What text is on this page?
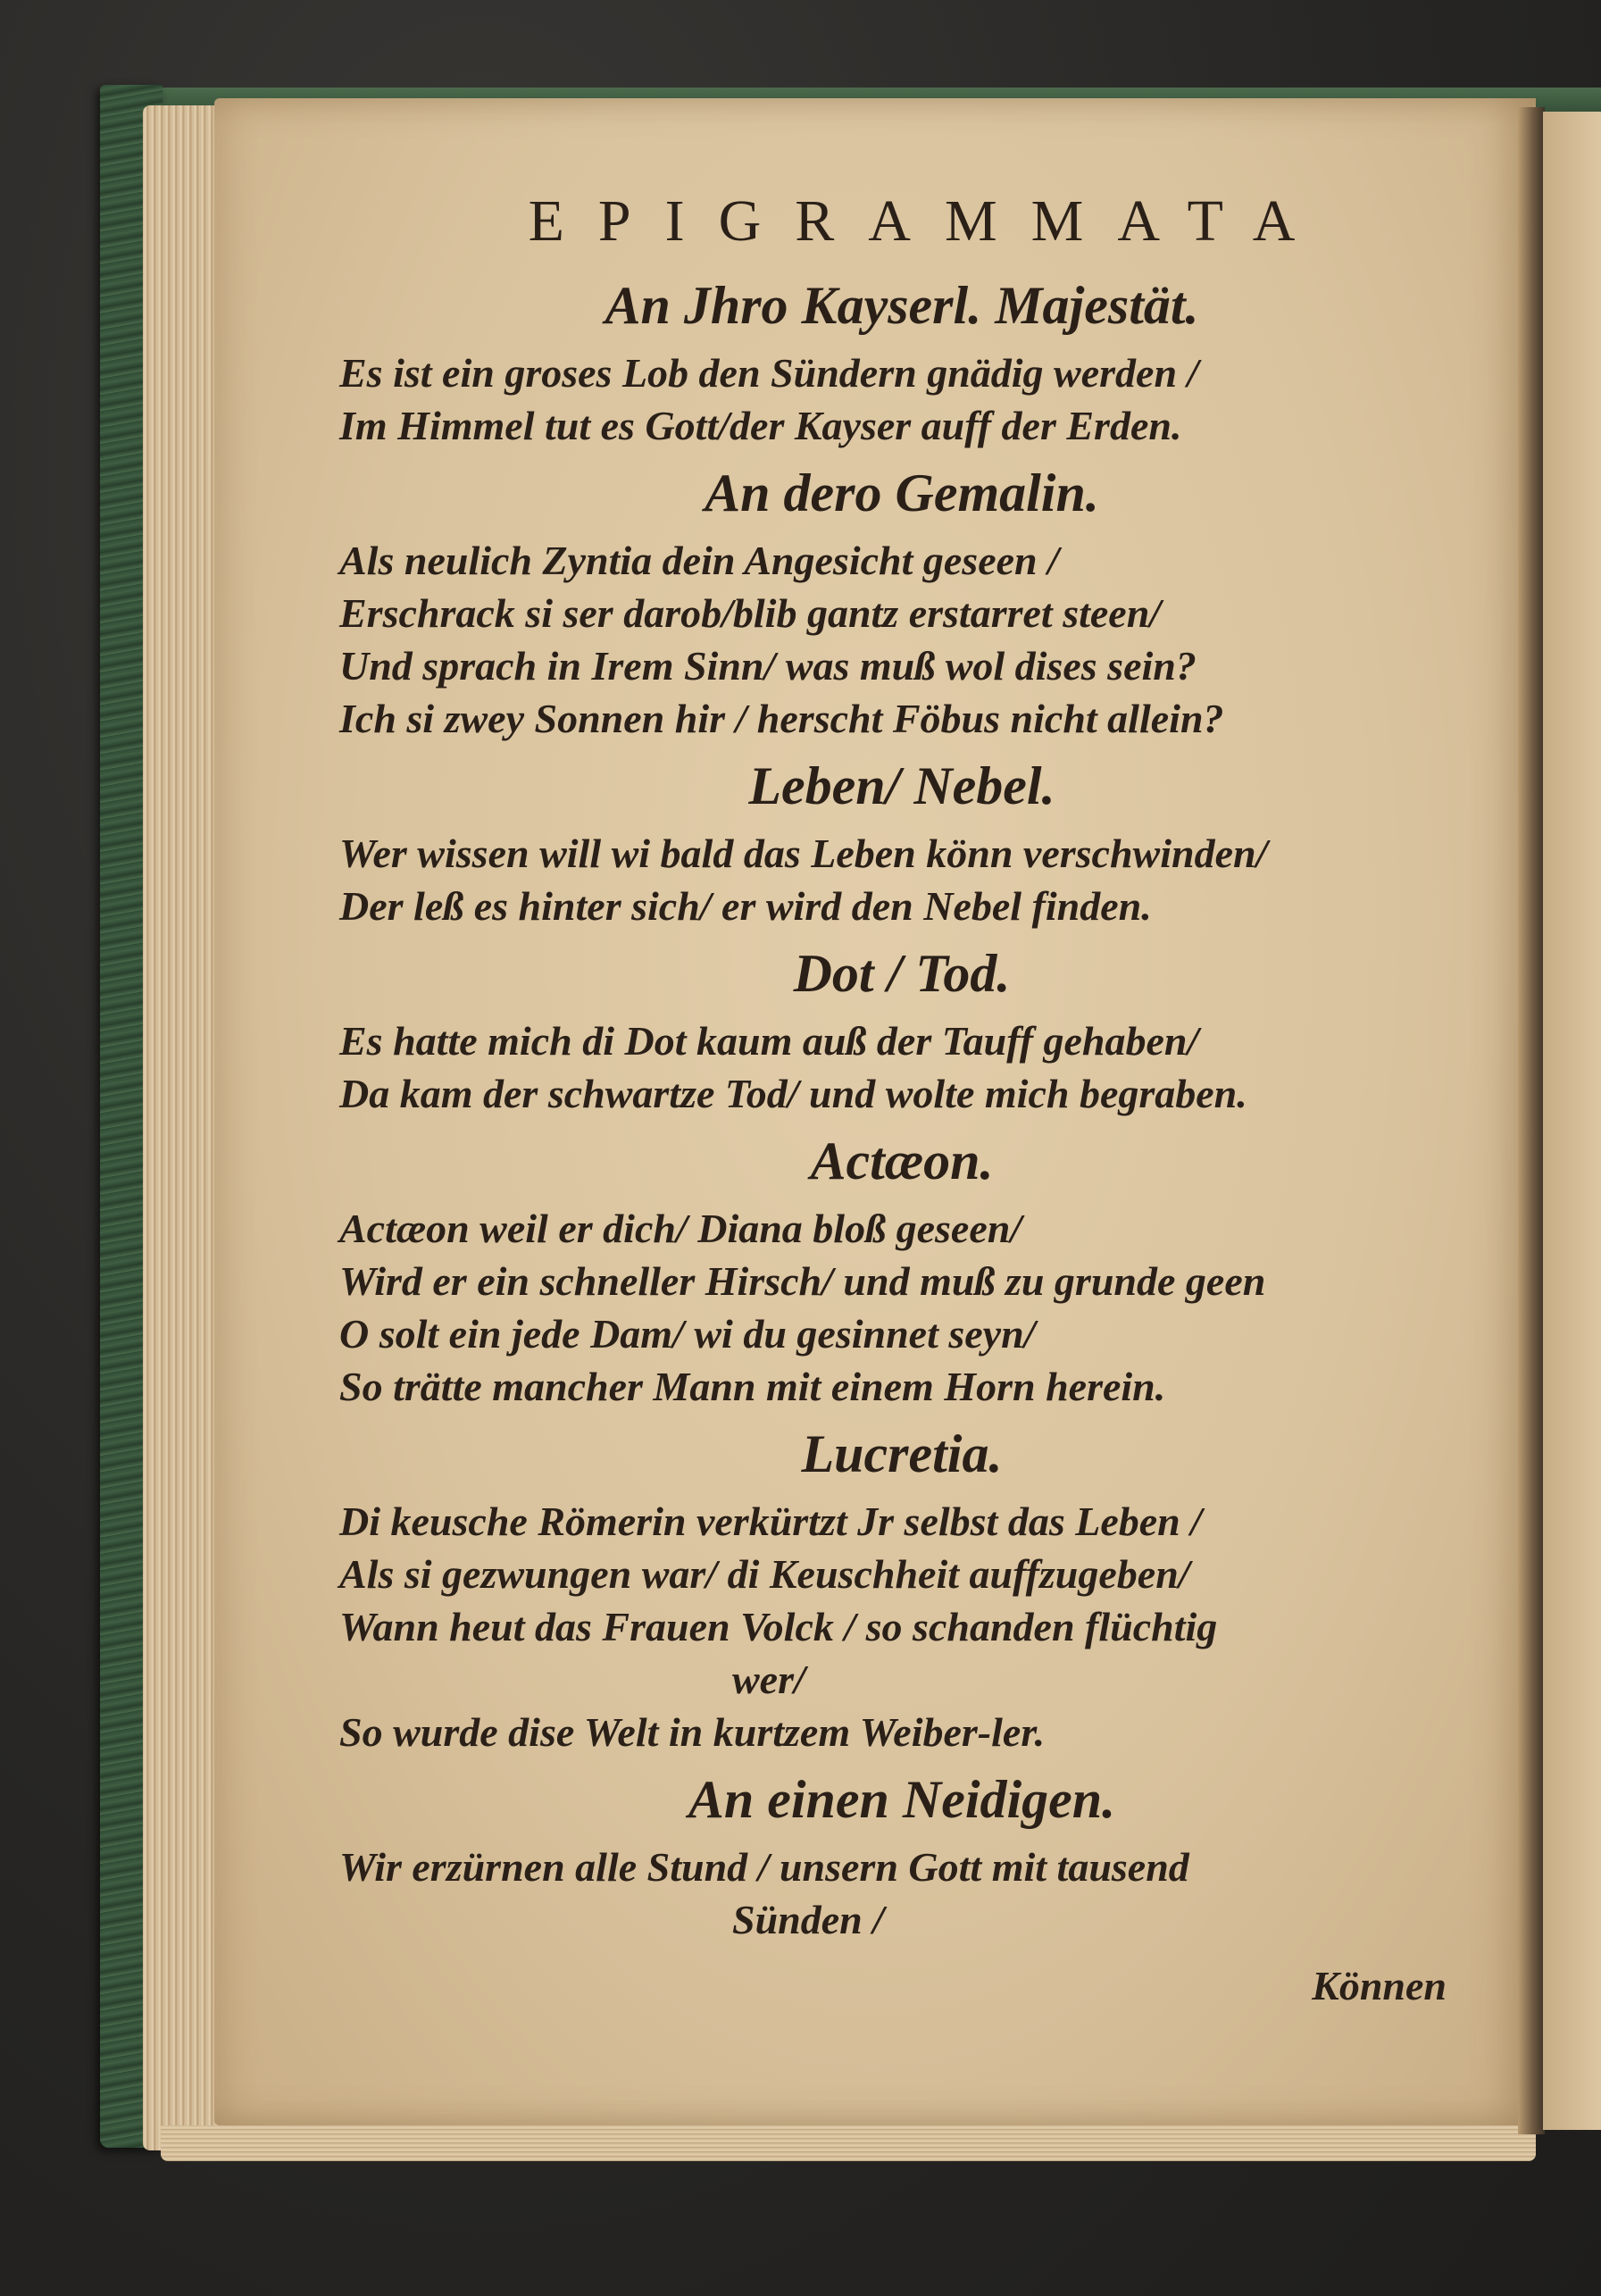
EPIGRAMMATA

An Jhro Kayserl. Majestät.

Es ist ein groses Lob den Sündern gnädig werden /

Im Himmel tut es Gott/der Kayser auff der Erden.

An dero Gemalin.

Als neulich Zyntia dein Angesicht geseen /

Erschrack si ser darob/blib gantz erstarret steen/

Und sprach in Irem Sinn/ was muß wol dises sein?

Ich si zwey Sonnen hir / herscht Föbus nicht allein?

Leben/ Nebel.

Wer wissen will wi bald das Leben könn verschwinden/

Der leß es hinter sich/ er wird den Nebel finden.

Dot / Tod.

Es hatte mich di Dot kaum auß der Tauff gehaben/

Da kam der schwartze Tod/ und wolte mich begraben.

Actæon.

Actæon weil er dich/ Diana bloß geseen/

Wird er ein schneller Hirsch/ und muß zu grunde geen

O solt ein jede Dam/ wi du gesinnet seyn/

So trätte mancher Mann mit einem Horn herein.

Lucretia.

Di keusche Römerin verkürtzt Jr selbst das Leben /

Als si gezwungen war/ di Keuschheit auffzugeben/

Wann heut das Frauen Volck / so schanden flüchtig

wer/

So wurde dise Welt in kurtzem Weiber-ler.

An einen Neidigen.

Wir erzürnen alle Stund / unsern Gott mit tausend

Sünden /

Können
